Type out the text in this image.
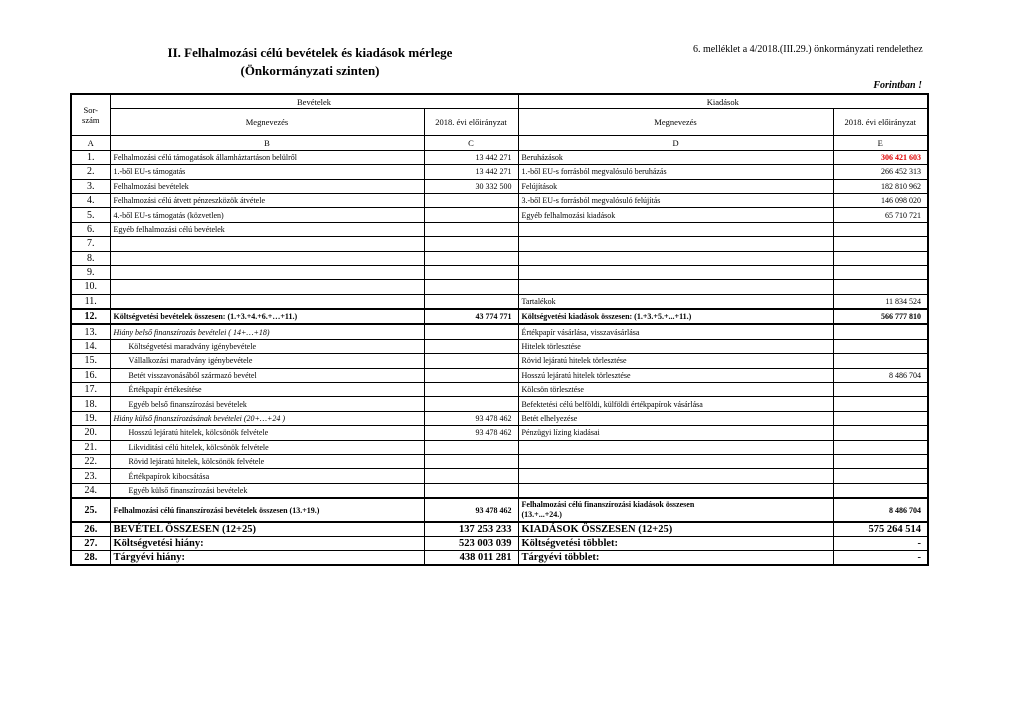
II. Felhalmozási célú bevételek és kiadások mérlege
(Önkormányzati szinten)
6. melléklet a 4/2018.(III.29.) önkormányzati rendelethez
Forintban !
Sor-
szám	Bevételek		Kiadások	
	Megnevezés	2018. évi előirányzat	Megnevezés	2018. évi előirányzat
A	B	C	D	E
1.	Felhalmozási célú támogatások államháztartáson belülről	13 442 271	Beruházások	306 421 603
2.	1.-ből EU-s támogatás	13 442 271	1.-ből EU-s forrásból megvalósuló beruházás	266 452 313
3.	Felhalmozási bevételek	30 332 500	Felújítások	182 810 962
4.	Felhalmozási célú átvett pénzeszközök átvétele		3.-ből EU-s forrásból megvalósuló felújítás	146 098 020
5.	4.-ből EU-s támogatás (közvetlen)		Egyéb felhalmozási kiadások	65 710 721
6.	Egyéb felhalmozási célú bevételek			
7.				
8.				
9.				
10.				
11.			Tartalékok	11 834 524
12.	Költségvetési bevételek összesen: (1.+3.+4.+6.+…+11.)	43 774 771	Költségvetési kiadások összesen: (1.+3.+5.+...+11.)	566 777 810
13.	Hiány belső finanszírozás bevételei ( 14+…+18)		Értékpapír vásárlása, visszavásárlása	
14.	Költségvetési maradvány igénybevétele		Hitelek törlesztése	
15.	Vállalkozási maradvány igénybevétele		Rövid lejáratú hitelek törlesztése	
16.	Betét visszavonásából származó bevétel		Hosszú lejáratú hitelek törlesztése	8 486 704
17.	Értékpapír értékesítése		Kölcsön törlesztése	
18.	Egyéb belső finanszírozási bevételek		Befektetési célú belföldi, külföldi értékpapírok vásárlása	
19.	Hiány külső finanszírozásának bevételei (20+…+24 )	93 478 462	Betét elhelyezése	
20.	Hosszú lejáratú hitelek, kölcsönök felvétele	93 478 462	Pénzügyi lízing kiadásai	
21.	Likviditási célú hitelek, kölcsönök felvétele			
22.	Rövid lejáratú hitelek, kölcsönök felvétele			
23.	Értékpapírok kibocsátása			
24.	Egyéb külső finanszírozási bevételek			
25.	Felhalmozási célú finanszírozási bevételek összesen (13.+19.)	93 478 462	Felhalmozási célú finanszírozási kiadások összesen
(13.+...+24.)	8 486 704
26.	BEVÉTEL ÖSSZESEN (12+25)	137 253 233	KIADÁSOK ÖSSZESEN (12+25)	575 264 514
27.	Költségvetési hiány:	523 003 039	Költségvetési többlet:	-
28.	Tárgyévi hiány:	438 011 281	Tárgyévi többlet:	-
